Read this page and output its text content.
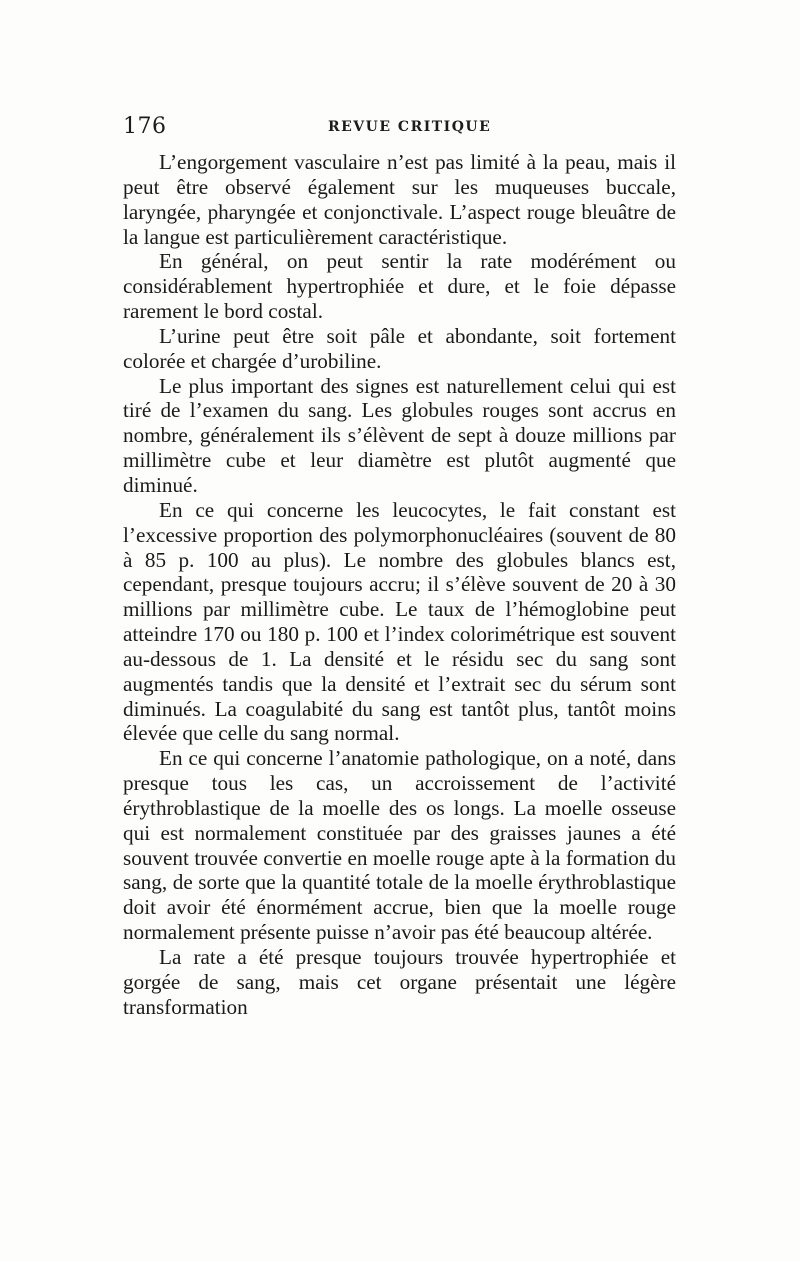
176	REVUE CRITIQUE

L’engorgement vasculaire n’est pas limité à la peau, mais il peut être observé également sur les muqueuses buccale, laryngée, pharyngée et conjonctivale. L’aspect rouge bleuâtre de la langue est particulièrement caractéristique.

En général, on peut sentir la rate modérément ou considérablement hypertrophiée et dure, et le foie dépasse rarement le bord costal.

L’urine peut être soit pâle et abondante, soit fortement colorée et chargée d’urobiline.

Le plus important des signes est naturellement celui qui est tiré de l’examen du sang. Les globules rouges sont accrus en nombre, généralement ils s’élèvent de sept à douze millions par millimètre cube et leur diamètre est plutôt augmenté que diminué.

En ce qui concerne les leucocytes, le fait constant est l’excessive proportion des polymorphonucléaires (souvent de 80 à 85 p. 100 au plus). Le nombre des globules blancs est, cependant, presque toujours accru; il s’élève souvent de 20 à 30 millions par millimètre cube. Le taux de l’hémoglobine peut atteindre 170 ou 180 p. 100 et l’index colorimétrique est souvent au-dessous de 1. La densité et le résidu sec du sang sont augmentés tandis que la densité et l’extrait sec du sérum sont diminués. La coagulabité du sang est tantôt plus, tantôt moins élevée que celle du sang normal.

En ce qui concerne l’anatomie pathologique, on a noté, dans presque tous les cas, un accroissement de l’activité érythroblastique de la moelle des os longs. La moelle osseuse qui est normalement constituée par des graisses jaunes a été souvent trouvée convertie en moelle rouge apte à la formation du sang, de sorte que la quantité totale de la moelle érythroblastique doit avoir été énormément accrue, bien que la moelle rouge normalement présente puisse n’avoir pas été beaucoup altérée.

La rate a été presque toujours trouvée hypertrophiée et gorgée de sang, mais cet organe présentait une légère transformation
